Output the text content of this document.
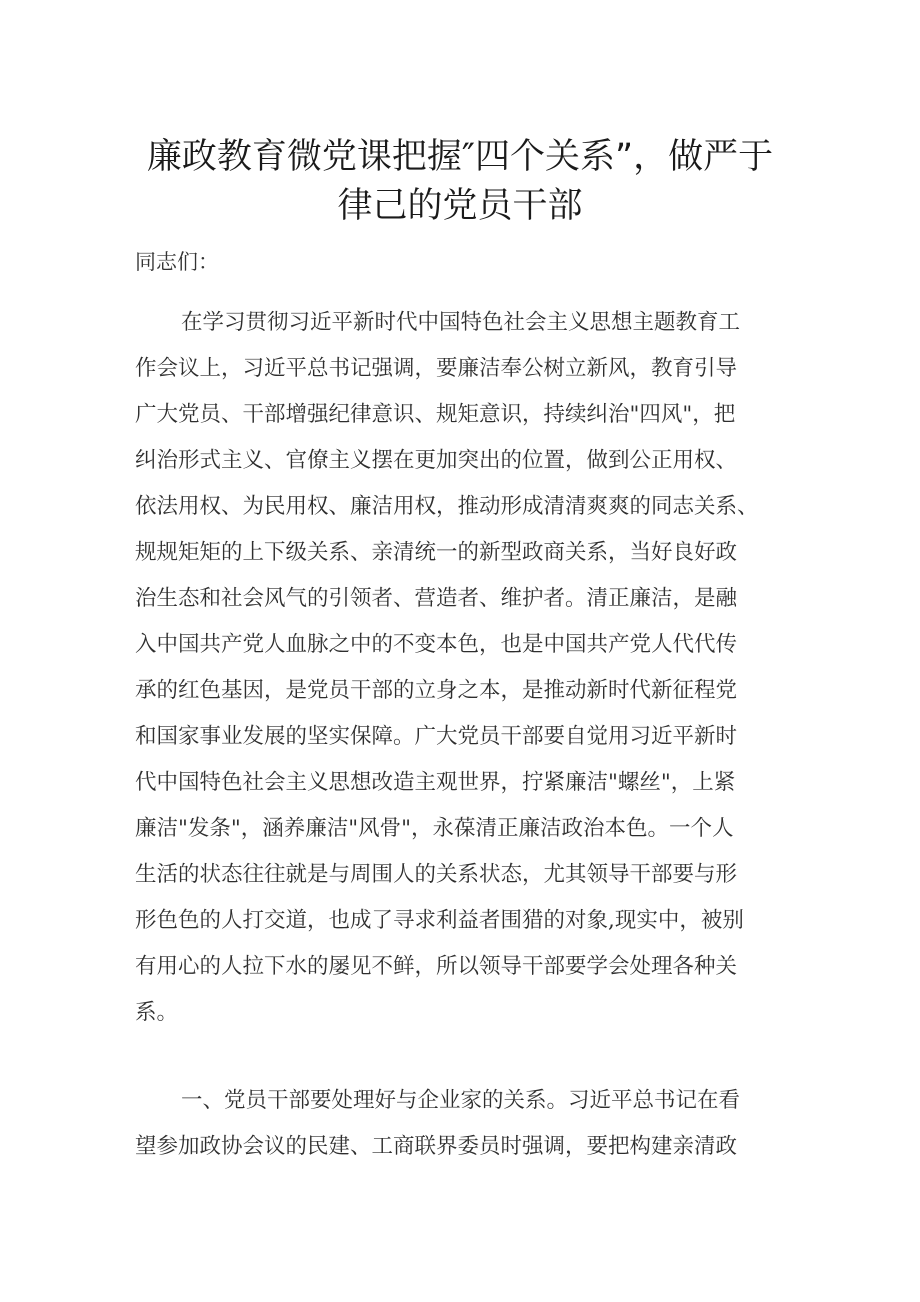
廉政教育微党课把握″四个关系”，做严于
律己的党员干部

同志们：

在学习贯彻习近平新时代中国特色社会主义思想主题教育工
作会议上，习近平总书记强调，要廉洁奉公树立新风，教育引导
广大党员、干部增强纪律意识、规矩意识，持续纠治"四风"，把
纠治形式主义、官僚主义摆在更加突出的位置，做到公正用权、
依法用权、为民用权、廉洁用权，推动形成清清爽爽的同志关系、
规规矩矩的上下级关系、亲清统一的新型政商关系，当好良好政
治生态和社会风气的引领者、营造者、维护者。清正廉洁，是融
入中国共产党人血脉之中的不变本色，也是中国共产党人代代传
承的红色基因，是党员干部的立身之本，是推动新时代新征程党
和国家事业发展的坚实保障。广大党员干部要自觉用习近平新时
代中国特色社会主义思想改造主观世界，拧紧廉洁"螺丝"，上紧
廉洁"发条"，涵养廉洁"风骨"，永葆清正廉洁政治本色。一个人
生活的状态往往就是与周围人的关系状态，尤其领导干部要与形
形色色的人打交道，也成了寻求利益者围猎的对象,现实中，被别
有用心的人拉下水的屡见不鲜，所以领导干部要学会处理各种关
系。
一、党员干部要处理好与企业家的关系。习近平总书记在看
望参加政协会议的民建、工商联界委员时强调，要把构建亲清政
